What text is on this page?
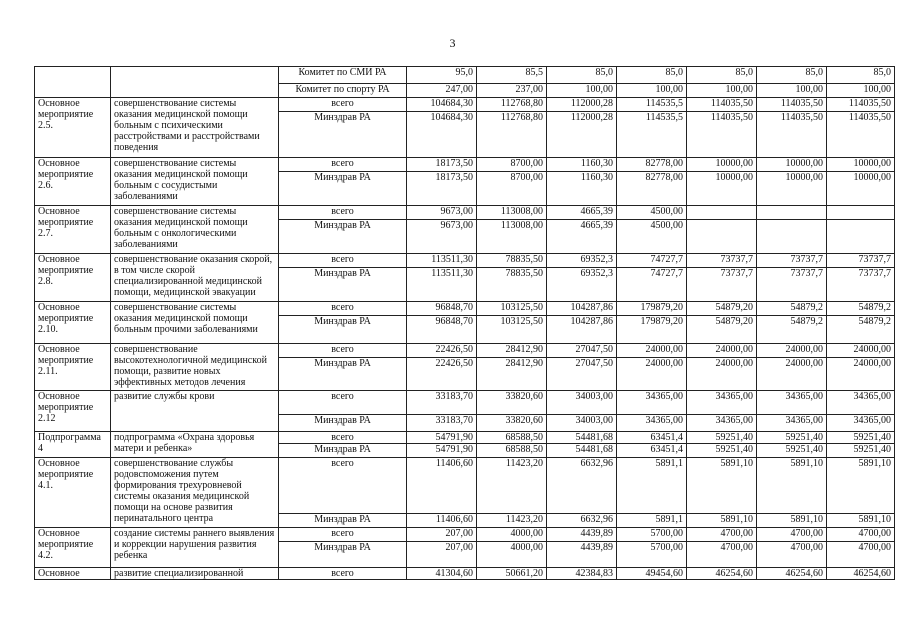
3
		Комитет по СМИ РА	95,0	85,5	85,0	85,0	85,0	85,0	85,0
		Комитет по спорту РА	247,00	237,00	100,00	100,00	100,00	100,00	100,00
Основное мероприятие 2.5.	совершенствование системы оказания медицинской помощи больным с психическими расстройствами и расстройствами поведения	всего	104684,30	112768,80	112000,28	114535,5	114035,50	114035,50	114035,50
		Минздрав РА	104684,30	112768,80	112000,28	114535,5	114035,50	114035,50	114035,50
Основное мероприятие 2.6.	совершенствование системы оказания медицинской помощи больным с сосудистыми заболеваниями	всего	18173,50	8700,00	1160,30	82778,00	10000,00	10000,00	10000,00
		Минздрав РА	18173,50	8700,00	1160,30	82778,00	10000,00	10000,00	10000,00
Основное мероприятие 2.7.	совершенствование системы оказания медицинской помощи больным с онкологическими заболеваниями	всего	9673,00	113008,00	4665,39	4500,00			
		Минздрав РА	9673,00	113008,00	4665,39	4500,00			
Основное мероприятие 2.8.	совершенствование оказания скорой, в том числе скорой специализированной медицинской помощи, медицинской эвакуации	всего	113511,30	78835,50	69352,3	74727,7	73737,7	73737,7	73737,7
		Минздрав РА	113511,30	78835,50	69352,3	74727,7	73737,7	73737,7	73737,7
Основное мероприятие 2.10.	совершенствование системы оказания медицинской помощи больным прочими заболеваниями	всего	96848,70	103125,50	104287,86	179879,20	54879,20	54879,2	54879,2
		Минздрав РА	96848,70	103125,50	104287,86	179879,20	54879,20	54879,2	54879,2
Основное мероприятие 2.11.	совершенствование высокотехнологичной медицинской помощи, развитие новых эффективных методов лечения	всего	22426,50	28412,90	27047,50	24000,00	24000,00	24000,00	24000,00
		Минздрав РА	22426,50	28412,90	27047,50	24000,00	24000,00	24000,00	24000,00
Основное мероприятие 2.12	развитие службы крови	всего	33183,70	33820,60	34003,00	34365,00	34365,00	34365,00	34365,00
		Минздрав РА	33183,70	33820,60	34003,00	34365,00	34365,00	34365,00	34365,00
Подпрограмма 4	подпрограмма «Охрана здоровья матери и ребенка»	всего	54791,90	68588,50	54481,68	63451,4	59251,40	59251,40	59251,40
		Минздрав РА	54791,90	68588,50	54481,68	63451,4	59251,40	59251,40	59251,40
Основное мероприятие 4.1.	совершенствование службы родовспоможения путем формирования трехуровневой системы оказания медицинской помощи на основе развития перинатального центра	всего	11406,60	11423,20	6632,96	5891,1	5891,10	5891,10	5891,10
		Минздрав РА	11406,60	11423,20	6632,96	5891,1	5891,10	5891,10	5891,10
Основное мероприятие 4.2.	создание системы раннего выявления и коррекции нарушения развития ребенка	всего	207,00	4000,00	4439,89	5700,00	4700,00	4700,00	4700,00
		Минздрав РА	207,00	4000,00	4439,89	5700,00	4700,00	4700,00	4700,00
Основное	развитие специализированной	всего	41304,60	50661,20	42384,83	49454,60	46254,60	46254,60	46254,60
